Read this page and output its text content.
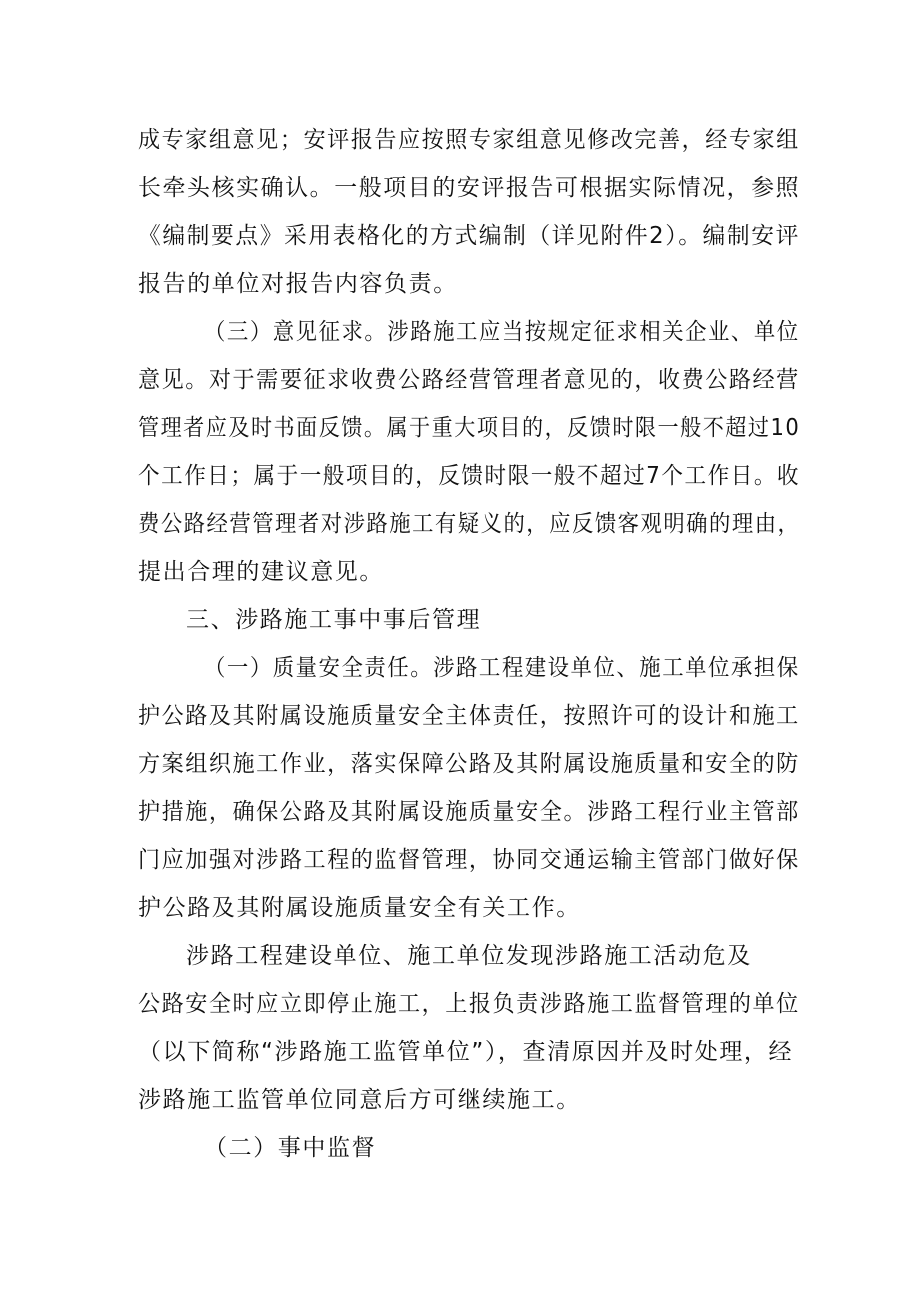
成专家组意见；安评报告应按照专家组意见修改完善，经专家组
长牵头核实确认。一般项目的安评报告可根据实际情况，参照
《编制要点》采用表格化的方式编制（详见附件2）。编制安评
报告的单位对报告内容负责。
（三）意见征求。涉路施工应当按规定征求相关企业、单位
意见。对于需要征求收费公路经营管理者意见的，收费公路经营
管理者应及时书面反馈。属于重大项目的，反馈时限一般不超过10
个工作日；属于一般项目的，反馈时限一般不超过7个工作日。收
费公路经营管理者对涉路施工有疑义的，应反馈客观明确的理由，
提出合理的建议意见。
三、涉路施工事中事后管理
（一）质量安全责任。涉路工程建设单位、施工单位承担保
护公路及其附属设施质量安全主体责任，按照许可的设计和施工
方案组织施工作业，落实保障公路及其附属设施质量和安全的防
护措施，确保公路及其附属设施质量安全。涉路工程行业主管部
门应加强对涉路工程的监督管理，协同交通运输主管部门做好保
护公路及其附属设施质量安全有关工作。
涉路工程建设单位、施工单位发现涉路施工活动危及
公路安全时应立即停止施工，上报负责涉路施工监督管理的单位
（以下简称“涉路施工监管单位”），查清原因并及时处理，经
涉路施工监管单位同意后方可继续施工。
（二）事中监督
